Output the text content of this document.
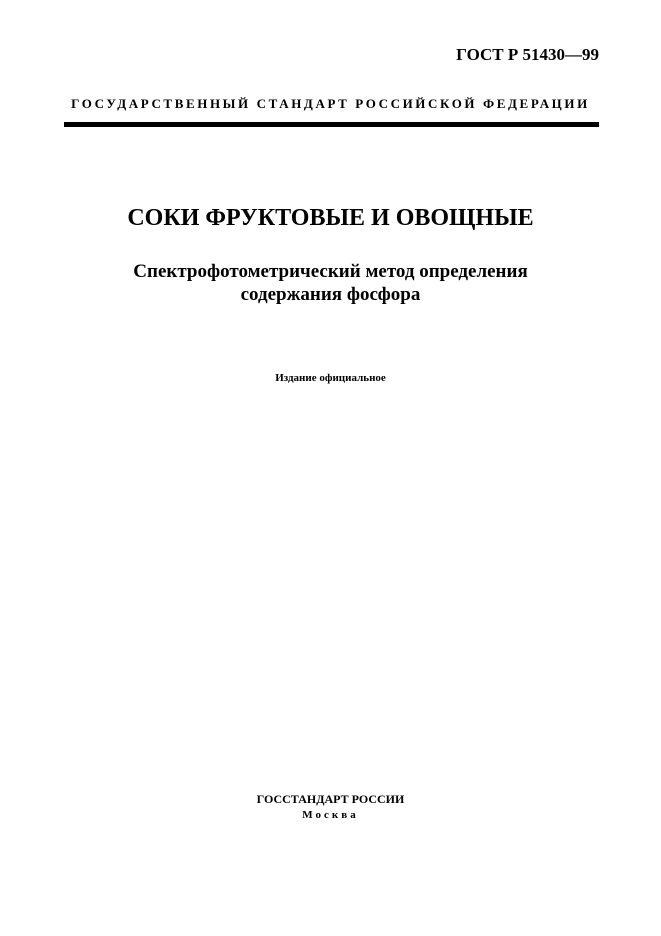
ГОСТ Р 51430—99
ГОСУДАРСТВЕННЫЙ СТАНДАРТ РОССИЙСКОЙ ФЕДЕРАЦИИ
СОКИ ФРУКТОВЫЕ И ОВОЩНЫЕ
Спектрофотометрический метод определения
содержания фосфора
Издание официальное
ГОССТАНДАРТ РОССИИ
Москва
